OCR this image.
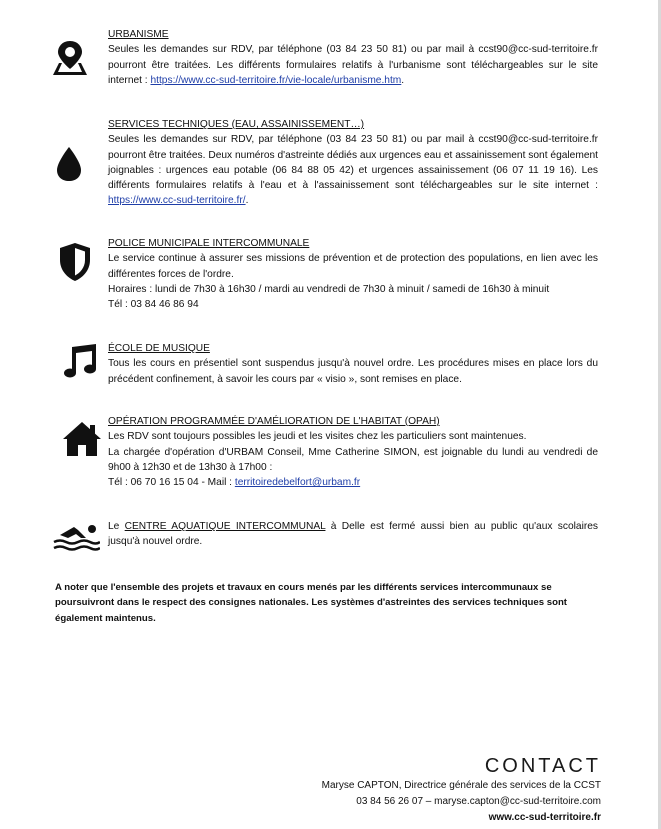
URBANISME

Seules les demandes sur RDV, par téléphone (03 84 23 50 81) ou par mail à ccst90@cc-sud-territoire.fr pourront être traitées. Les différents formulaires relatifs à l'urbanisme sont téléchargeables sur le site internet : https://www.cc-sud-territoire.fr/vie-locale/urbanisme.htm.

SERVICES TECHNIQUES (EAU, ASSAINISSEMENT…)

Seules les demandes sur RDV, par téléphone (03 84 23 50 81) ou par mail à ccst90@cc-sud-territoire.fr pourront être traitées. Deux numéros d'astreinte dédiés aux urgences eau et assainissement sont également joignables : urgences eau potable (06 84 88 05 42) et urgences assainissement (06 07 11 19 16). Les différents formulaires relatifs à l'eau et à l'assainissement sont téléchargeables sur le site internet : https://www.cc-sud-territoire.fr/.

POLICE MUNICIPALE INTERCOMMUNALE

Le service continue à assurer ses missions de prévention et de protection des populations, en lien avec les différentes forces de l'ordre.

Horaires : lundi de 7h30 à 16h30 / mardi au vendredi de 7h30 à minuit / samedi de 16h30 à minuit

Tél : 03 84 46 86 94

ÉCOLE DE MUSIQUE

Tous les cours en présentiel sont suspendus jusqu'à nouvel ordre. Les procédures mises en place lors du précédent confinement, à savoir les cours par « visio », sont remises en place.

OPÉRATION PROGRAMMÉE D'AMÉLIORATION DE L'HABITAT (OPAH)

Les RDV sont toujours possibles les jeudi et les visites chez les particuliers sont maintenues.

La chargée d'opération d'URBAM Conseil, Mme Catherine SIMON, est joignable du lundi au vendredi de 9h00 à 12h30 et de 13h30 à 17h00 :

Tél : 06 70 16 15 04 - Mail : territoiredebelfort@urbam.fr

Le CENTRE AQUATIQUE INTERCOMMUNAL à Delle est fermé aussi bien au public qu'aux scolaires jusqu'à nouvel ordre.

A noter que l'ensemble des projets et travaux en cours menés par les différents services intercommunaux se poursuivront dans le respect des consignes nationales. Les systèmes d'astreintes des services techniques sont également maintenus.
CONTACT
Maryse CAPTON, Directrice générale des services de la CCST
03 84 56 26 07 – maryse.capton@cc-sud-territoire.com
www.cc-sud-territoire.fr
